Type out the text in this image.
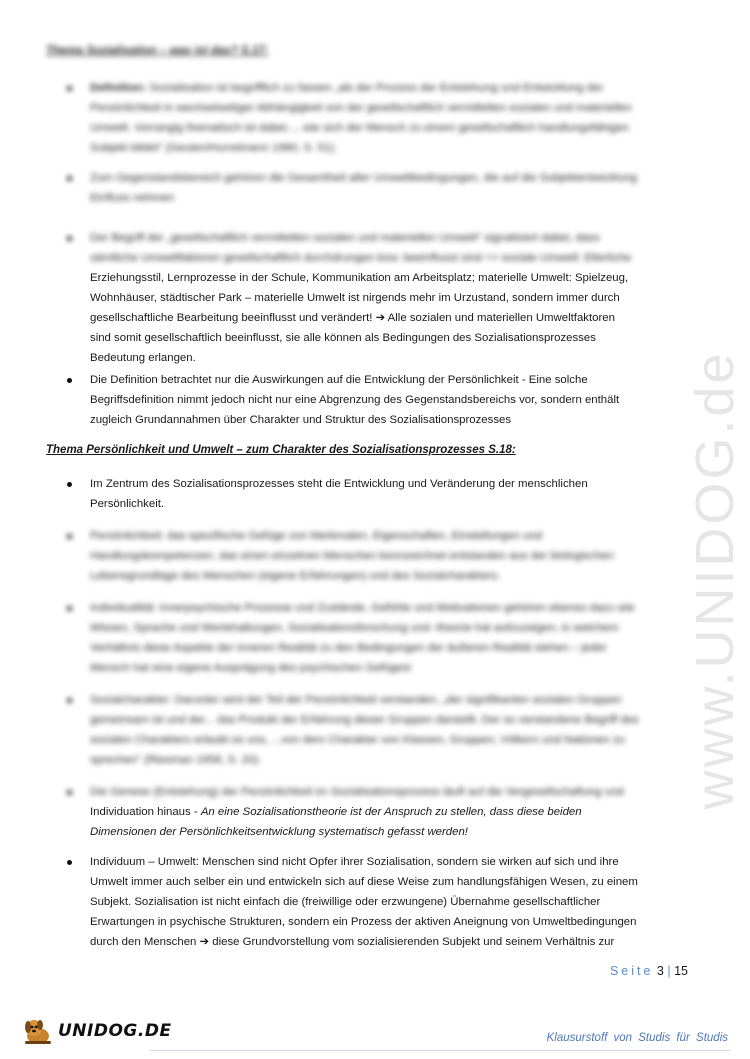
www.UNIDOG.de
Thema Sozialisation – was ist das? S.17:
Definition: Sozialisation ist begrifflich zu fassen „als der Prozess der Entstehung und Entwicklung der
Persönlichkeit in wechselseitiger Abhängigkeit von der gesellschaftlich vermittelten sozialen und materiellen
Umwelt. Vorrangig thematisch ist dabei..., wie sich der Mensch zu einem gesellschaftlich handlungsfähigen
Subjekt bildet" (Geulen/Hurrelmann 1980, S. 51).
Zum Gegenstandsbereich gehören die Gesamtheit aller Umweltbedingungen, die auf die Subjektentwicklung
Einfluss nehmen
Der Begriff der „gesellschaftlich vermittelten sozialen und materiellen Umwelt" signalisiert dabei, dass
sämtliche Umweltfaktoren gesellschaftlich durchdrungen bzw. beeinflusst sind => soziale Umwelt: Elterliche
Erziehungsstil, Lernprozesse in der Schule, Kommunikation am Arbeitsplatz; materielle Umwelt: Spielzeug,
Wohnhäuser, städtischer Park – materielle Umwelt ist nirgends mehr im Urzustand, sondern immer durch
gesellschaftliche Bearbeitung beeinflusst und verändert! ➔ Alle sozialen und materiellen Umweltfaktoren
sind somit gesellschaftlich beeinflusst, sie alle können als Bedingungen des Sozialisationsprozesses
Bedeutung erlangen.
Die Definition betrachtet nur die Auswirkungen auf die Entwicklung der Persönlichkeit - Eine solche
Begriffsdefinition nimmt jedoch nicht nur eine Abgrenzung des Gegenstandsbereichs vor, sondern enthält
zugleich Grundannahmen über Charakter und Struktur des Sozialisationsprozesses
Thema Persönlichkeit und Umwelt – zum Charakter des Sozialisationsprozesses S.18:
Im Zentrum des Sozialisationsprozesses steht die Entwicklung und Veränderung der menschlichen
Persönlichkeit.
Persönlichkeit: das spezifische Gefüge von Merkmalen, Eigenschaften, Einstellungen und
Handlungskompetenzen, das einen einzelnen Menschen kennzeichnet entstanden aus der biologischen
Lebensgrundlage des Menschen (eigene Erfahrungen) und des Sozialcharakters.
Individualität: innerpsychische Prozesse und Zustände, Gefühle und Motivationen gehören ebenso dazu wie
Wissen, Sprache und Wertehaltungen, Sozialisationsforschung und -theorie hat aufzuzeigen, in welchem
Verhältnis diese Aspekte der inneren Realität zu den Bedingungen der äußeren Realität stehen – jeder
Mensch hat eine eigene Ausprägung des psychischen Gefüges!
Sozialcharakter: Darunter wird der Teil der Persönlichkeit verstanden, „der signifikanten sozialen Gruppen
gemeinsam ist und der... das Produkt der Erfahrung dieser Gruppen darstellt. Der so verstandene Begriff des
sozialen Charakters erlaubt es uns, ...von dem Charakter von Klassen, Gruppen, Völkern und Nationen zu
sprechen" (Riesman 1958, S. 20).
Die Genese (Entstehung) der Persönlichkeit im Sozialisationsprozess läuft auf die Vergesellschaftung und
Individuation hinaus - An eine Sozialisationstheorie ist der Anspruch zu stellen, dass diese beiden
Dimensionen der Persönlichkeitsentwicklung systematisch gefasst werden!
Individuum – Umwelt: Menschen sind nicht Opfer ihrer Sozialisation, sondern sie wirken auf sich und ihre
Umwelt immer auch selber ein und entwickeln sich auf diese Weise zum handlungsfähigen Wesen, zu einem
Subjekt. Sozialisation ist nicht einfach die (freiwillige oder erzwungene) Übernahme gesellschaftlicher
Erwartungen in psychische Strukturen, sondern ein Prozess der aktiven Aneignung von Umweltbedingungen
durch den Menschen ➔ diese Grundvorstellung vom sozialisierenden Subjekt und seinem Verhältnis zur
Seite 3 | 15
UNIDOG.DE	Klausurstoff von Studis für Studis
